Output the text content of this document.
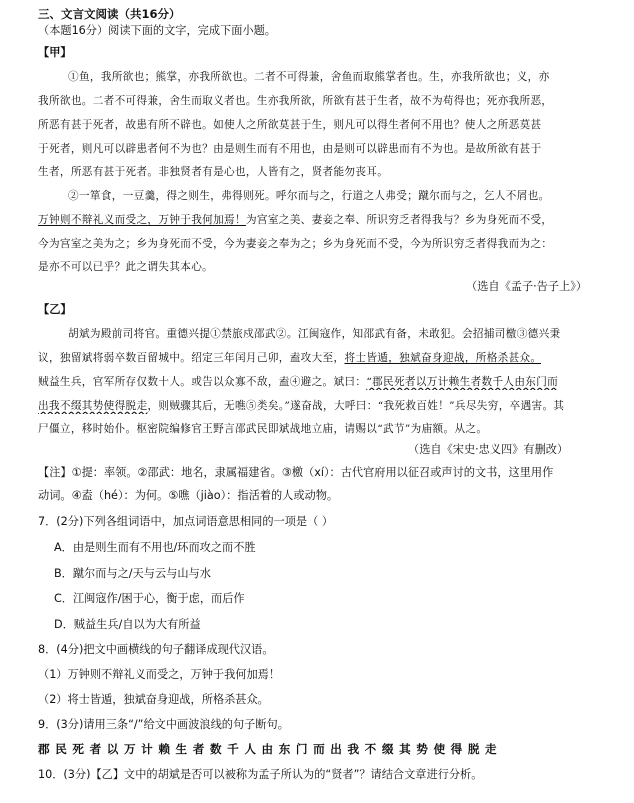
三、文言文阅读（共16分）
（本题16分）阅读下面的文字，完成下面小题。
【甲】
①鱼，我所欲也；熊掌，亦我所欲也。二者不可得兼，舍鱼而取熊掌者也。生，亦我所欲也；义，亦
我所欲也。二者不可得兼，舍生而取义者也。生亦我所欲，所欲有甚于生者，故不为苟得也；死亦我所恶，
所恶有甚于死者，故患有所不辟也。如使人之所欲莫甚于生，则凡可以得生者何不用也？使人之所恶莫甚
于死者，则凡可以辟患者何不为也？由是则生而有不用也，由是则可以辟患而有不为也。是故所欲有甚于
生者，所恶有甚于死者。非独贤者有是心也，人皆有之，贤者能勿丧耳。
②一箪食，一豆羹，得之则生，弗得则死。呼尔而与之，行道之人弗受；蹴尔而与之，乞人不屑也。
万钟则不辩礼义而受之，万钟于我何加焉！为宫室之美、妻妾之奉、所识穷乏者得我与？乡为身死而不受，
今为宫室之美为之；乡为身死而不受，今为妻妾之奉为之；乡为身死而不受，今为所识穷乏者得我而为之：
是亦不可以已乎？此之谓失其本心。
（选自《孟子·告子上》）
【乙】
胡斌为殿前司将官。重德兴提①禁旅戍邵武②。江闽寇作，知邵武有备，未敢犯。会招捕司檄③德兴秉
议，独留斌将弱卒数百留城中。绍定三年闰月己卯，盍攻大至，将士皆遁，独斌奋身迎战，所格杀甚众。
贼益生兵，官军所存仅数十人。或告以众寡不敌，盍④避之。斌曰：“郡民死者以万计赖生者数千人由东门而
出我不缀其势使得脱走，则贼骤其后，无噍⑤类矣。”遂奋战，大呼曰：“我死救百姓！”兵尽失穷，卒遇害。其
尸僵立，移时始仆。枢密院编修官王野言邵武民即斌战地立庙，请赐以“武节”为庙额。从之。
（选自《宋史·忠义四》有删改）
【注】①提：率领。②邵武：地名，隶属福建省。③檄（xí）：古代官府用以征召或声讨的文书，这里用作
动词。④盍（hé）：为何。⑤噍（jiào）：指活着的人或动物。
7．(2分)下列各组词语中，加点词语意思相同的一项是（ ）
A．由是则生而有不用也/环而攻之而不胜
B．蹴尔而与之/天与云与山与水
C．江闽寇作/困于心，衡于虑，而后作
D．贼益生兵/自以为大有所益
8．(4分)把文中画横线的句子翻译成现代汉语。
（1）万钟则不辩礼义而受之，万钟于我何加焉！
（2）将士皆遁，独斌奋身迎战，所格杀甚众。
9．(3分)请用三条“/”给文中画波浪线的句子断句。
郡民死者以万计赖生者数千人由东门而出我不缀其势使得脱走
10．(3分)【乙】文中的胡斌是否可以被称为孟子所认为的“贤者”？请结合文章进行分析。
